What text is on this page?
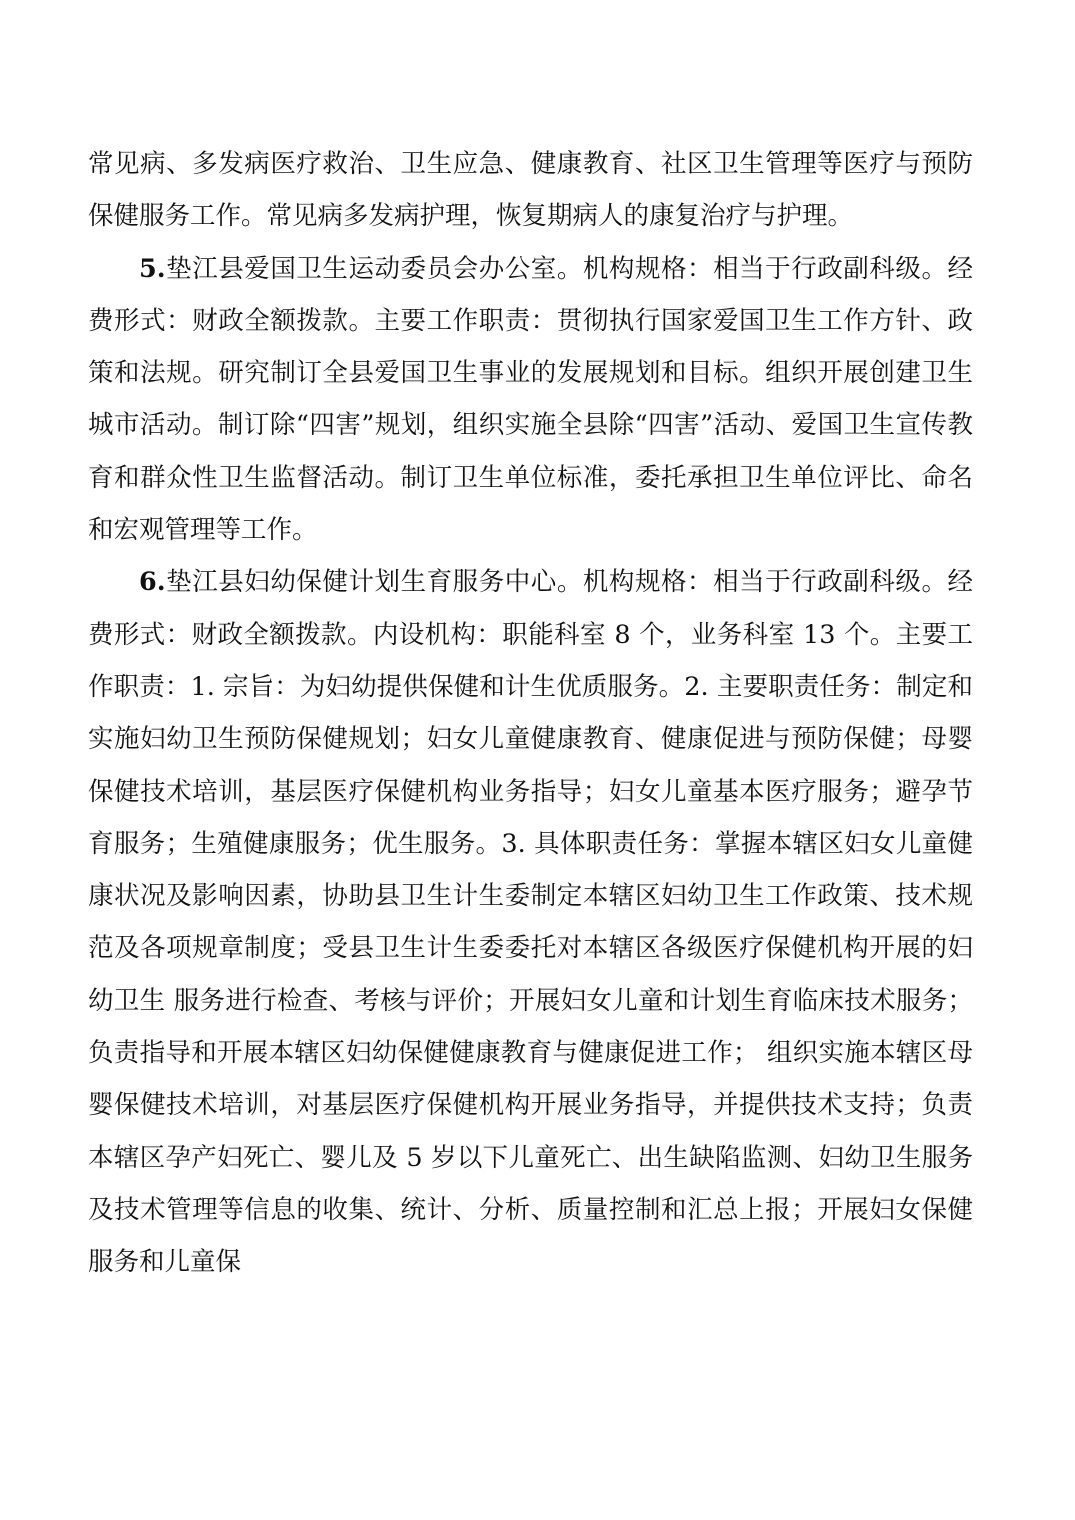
常见病、多发病医疗救治、卫生应急、健康教育、社区卫生管理等医疗与预防保健服务工作。常见病多发病护理，恢复期病人的康复治疗与护理。

5.垫江县爱国卫生运动委员会办公室。机构规格：相当于行政副科级。经费形式：财政全额拨款。主要工作职责：贯彻执行国家爱国卫生工作方针、政策和法规。研究制订全县爱国卫生事业的发展规划和目标。组织开展创建卫生城市活动。制订除“四害”规划，组织实施全县除“四害”活动、爱国卫生宣传教育和群众性卫生监督活动。制订卫生单位标准，委托承担卫生单位评比、命名和宏观管理等工作。

6.垫江县妇幼保健计划生育服务中心。机构规格：相当于行政副科级。经费形式：财政全额拨款。内设机构：职能科室 8 个，业务科室 13 个。主要工作职责：1. 宗旨：为妇幼提供保健和计生优质服务。2. 主要职责任务：制定和实施妇幼卫生预防保健规划；妇女儿童健康教育、健康促进与预防保健；母婴保健技术培训，基层医疗保健机构业务指导；妇女儿童基本医疗服务；避孕节育服务；生殖健康服务；优生服务。3. 具体职责任务：掌握本辖区妇女儿童健康状况及影响因素，协助县卫生计生委制定本辖区妇幼卫生工作政策、技术规范及各项规章制度；受县卫生计生委委托对本辖区各级医疗保健机构开展的妇幼卫生 服务进行检查、考核与评价；开展妇女儿童和计划生育临床技术服务；负责指导和开展本辖区妇幼保健健康教育与健康促进工作； 组织实施本辖区母婴保健技术培训，对基层医疗保健机构开展业务指导，并提供技术支持；负责本辖区孕产妇死亡、婴儿及 5 岁以下儿童死亡、出生缺陷监测、妇幼卫生服务及技术管理等信息的收集、统计、分析、质量控制和汇总上报；开展妇女保健服务和儿童保
